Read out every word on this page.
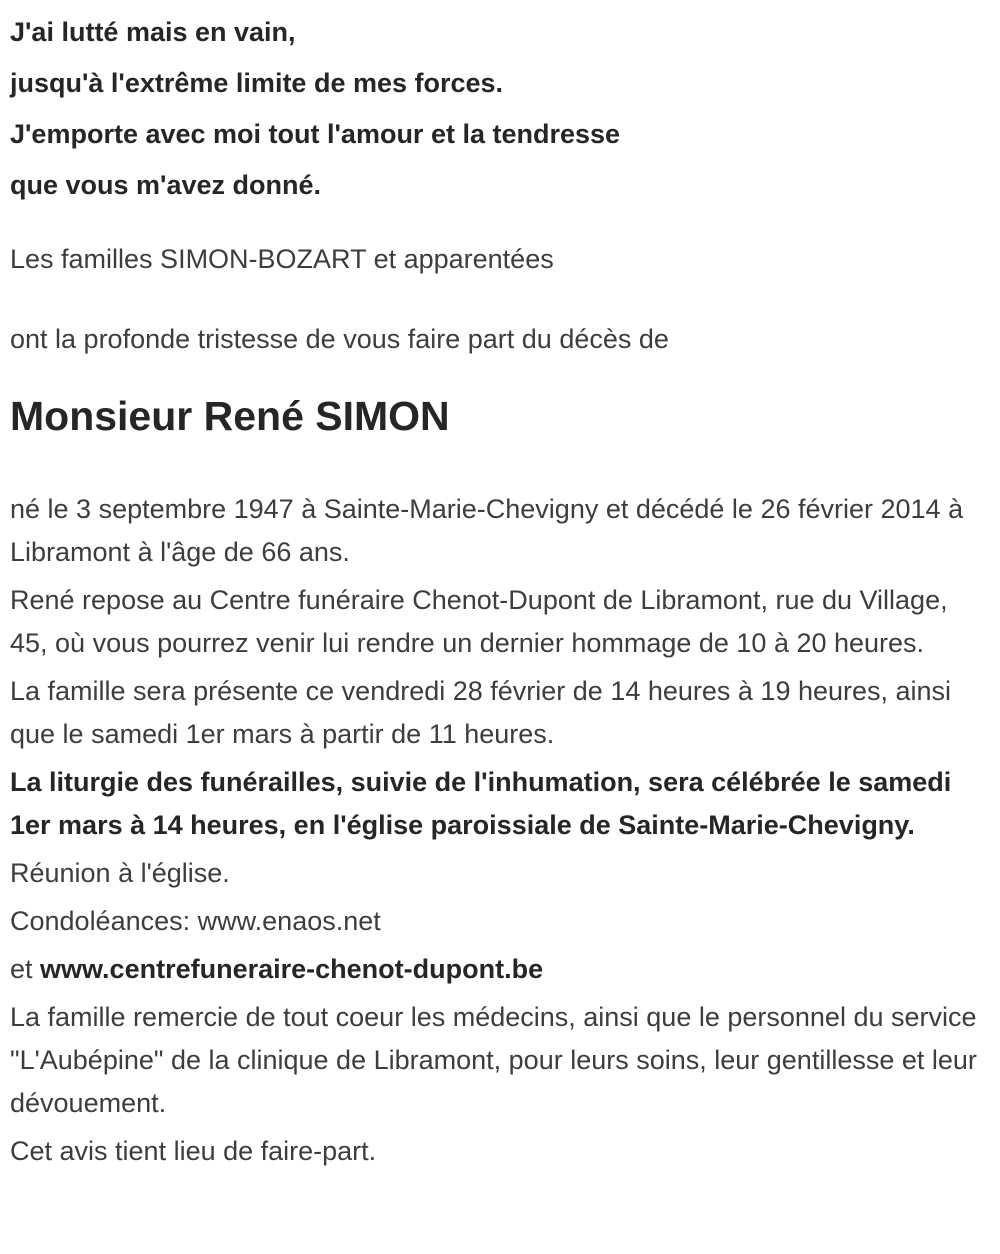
J'ai lutté mais en vain,
jusqu'à l'extrême limite de mes forces.
J'emporte avec moi tout l'amour et la tendresse
que vous m'avez donné.

Les familles SIMON-BOZART et apparentées

ont la profonde tristesse de vous faire part du décès de

Monsieur René SIMON

né le 3 septembre 1947 à Sainte-Marie-Chevigny et décédé le 26 février 2014 à Libramont à l'âge de 66 ans.

René repose au Centre funéraire Chenot-Dupont de Libramont, rue du Village, 45, où vous pourrez venir lui rendre un dernier hommage de 10 à 20 heures.

La famille sera présente ce vendredi 28 février de 14 heures à 19 heures, ainsi que le samedi 1er mars à partir de 11 heures.

La liturgie des funérailles, suivie de l'inhumation, sera célébrée le samedi 1er mars à 14 heures, en l'église paroissiale de Sainte-Marie-Chevigny.

Réunion à l'église.

Condoléances: www.enaos.net

et www.centrefuneraire-chenot-dupont.be

La famille remercie de tout coeur les médecins, ainsi que le personnel du service "L'Aubépine" de la clinique de Libramont, pour leurs soins, leur gentillesse et leur dévouement.

Cet avis tient lieu de faire-part.
